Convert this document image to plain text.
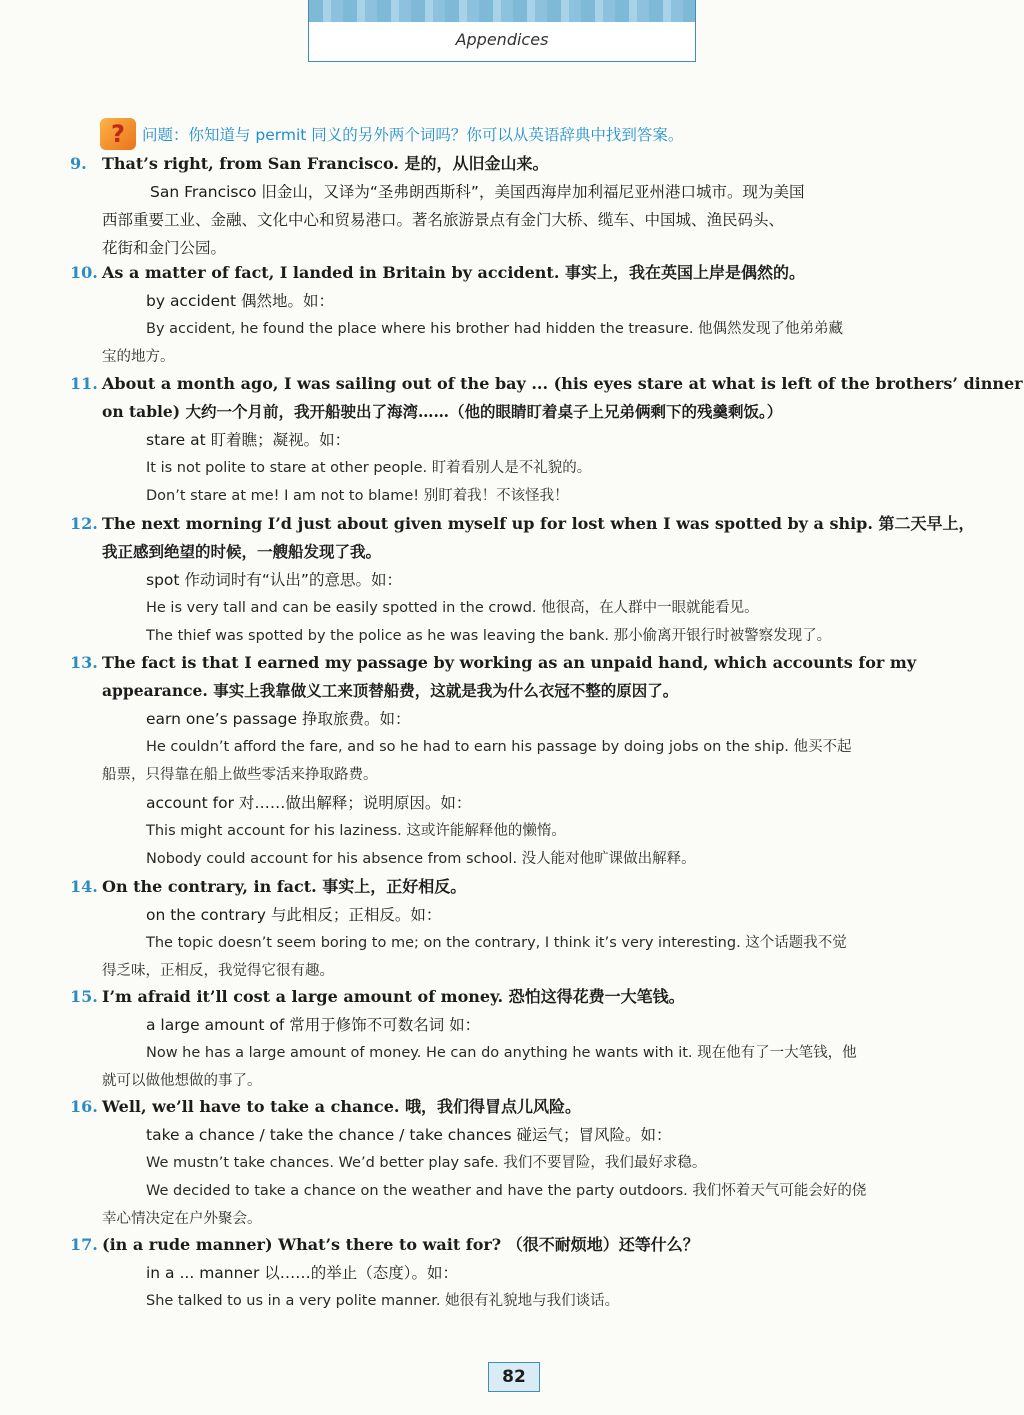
Appendices
?	问题：你知道与 permit 同义的另外两个词吗？你可以从英语辞典中找到答案。
9. That’s right, from San Francisco. 是的，从旧金山来。
San Francisco 旧金山，又译为“圣弗朗西斯科”，美国西海岸加利福尼亚州港口城市。现为美国
西部重要工业、金融、文化中心和贸易港口。著名旅游景点有金门大桥、缆车、中国城、渔民码头、
花街和金门公园。
10. As a matter of fact, I landed in Britain by accident. 事实上，我在英国上岸是偶然的。
by accident 偶然地。如：
By accident, he found the place where his brother had hidden the treasure. 他偶然发现了他弟弟藏
宝的地方。
11. About a month ago, I was sailing out of the bay ... (his eyes stare at what is left of the brothers’ dinner
on table) 大约一个月前，我开船驶出了海湾……（他的眼睛盯着桌子上兄弟俩剩下的残羹剩饭。）
stare at 盯着瞧；凝视。如：
It is not polite to stare at other people. 盯着看别人是不礼貌的。
Don’t stare at me! I am not to blame! 别盯着我！不该怪我！
12. The next morning I’d just about given myself up for lost when I was spotted by a ship. 第二天早上，
我正感到绝望的时候，一艘船发现了我。
spot 作动词时有“认出”的意思。如：
He is very tall and can be easily spotted in the crowd. 他很高，在人群中一眼就能看见。
The thief was spotted by the police as he was leaving the bank. 那小偷离开银行时被警察发现了。
13. The fact is that I earned my passage by working as an unpaid hand, which accounts for my
appearance. 事实上我靠做义工来顶替船费，这就是我为什么衣冠不整的原因了。
earn one’s passage 挣取旅费。如：
He couldn’t afford the fare, and so he had to earn his passage by doing jobs on the ship. 他买不起
船票，只得靠在船上做些零活来挣取路费。
account for 对……做出解释；说明原因。如：
This might account for his laziness. 这或许能解释他的懒惰。
Nobody could account for his absence from school. 没人能对他旷课做出解释。
14. On the contrary, in fact. 事实上，正好相反。
on the contrary 与此相反；正相反。如：
The topic doesn’t seem boring to me; on the contrary, I think it’s very interesting. 这个话题我不觉
得乏味，正相反，我觉得它很有趣。
15. I’m afraid it’ll cost a large amount of money. 恐怕这得花费一大笔钱。
a large amount of 常用于修饰不可数名词 如：
Now he has a large amount of money. He can do anything he wants with it. 现在他有了一大笔钱，他
就可以做他想做的事了。
16. Well, we’ll have to take a chance. 哦，我们得冒点儿风险。
take a chance / take the chance / take chances 碰运气；冒风险。如：
We mustn’t take chances. We’d better play safe. 我们不要冒险，我们最好求稳。
We decided to take a chance on the weather and have the party outdoors. 我们怀着天气可能会好的侥
幸心情决定在户外聚会。
17. (in a rude manner) What’s there to wait for? （很不耐烦地）还等什么？
in a ... manner 以……的举止（态度）。如：
She talked to us in a very polite manner. 她很有礼貌地与我们谈话。
82
